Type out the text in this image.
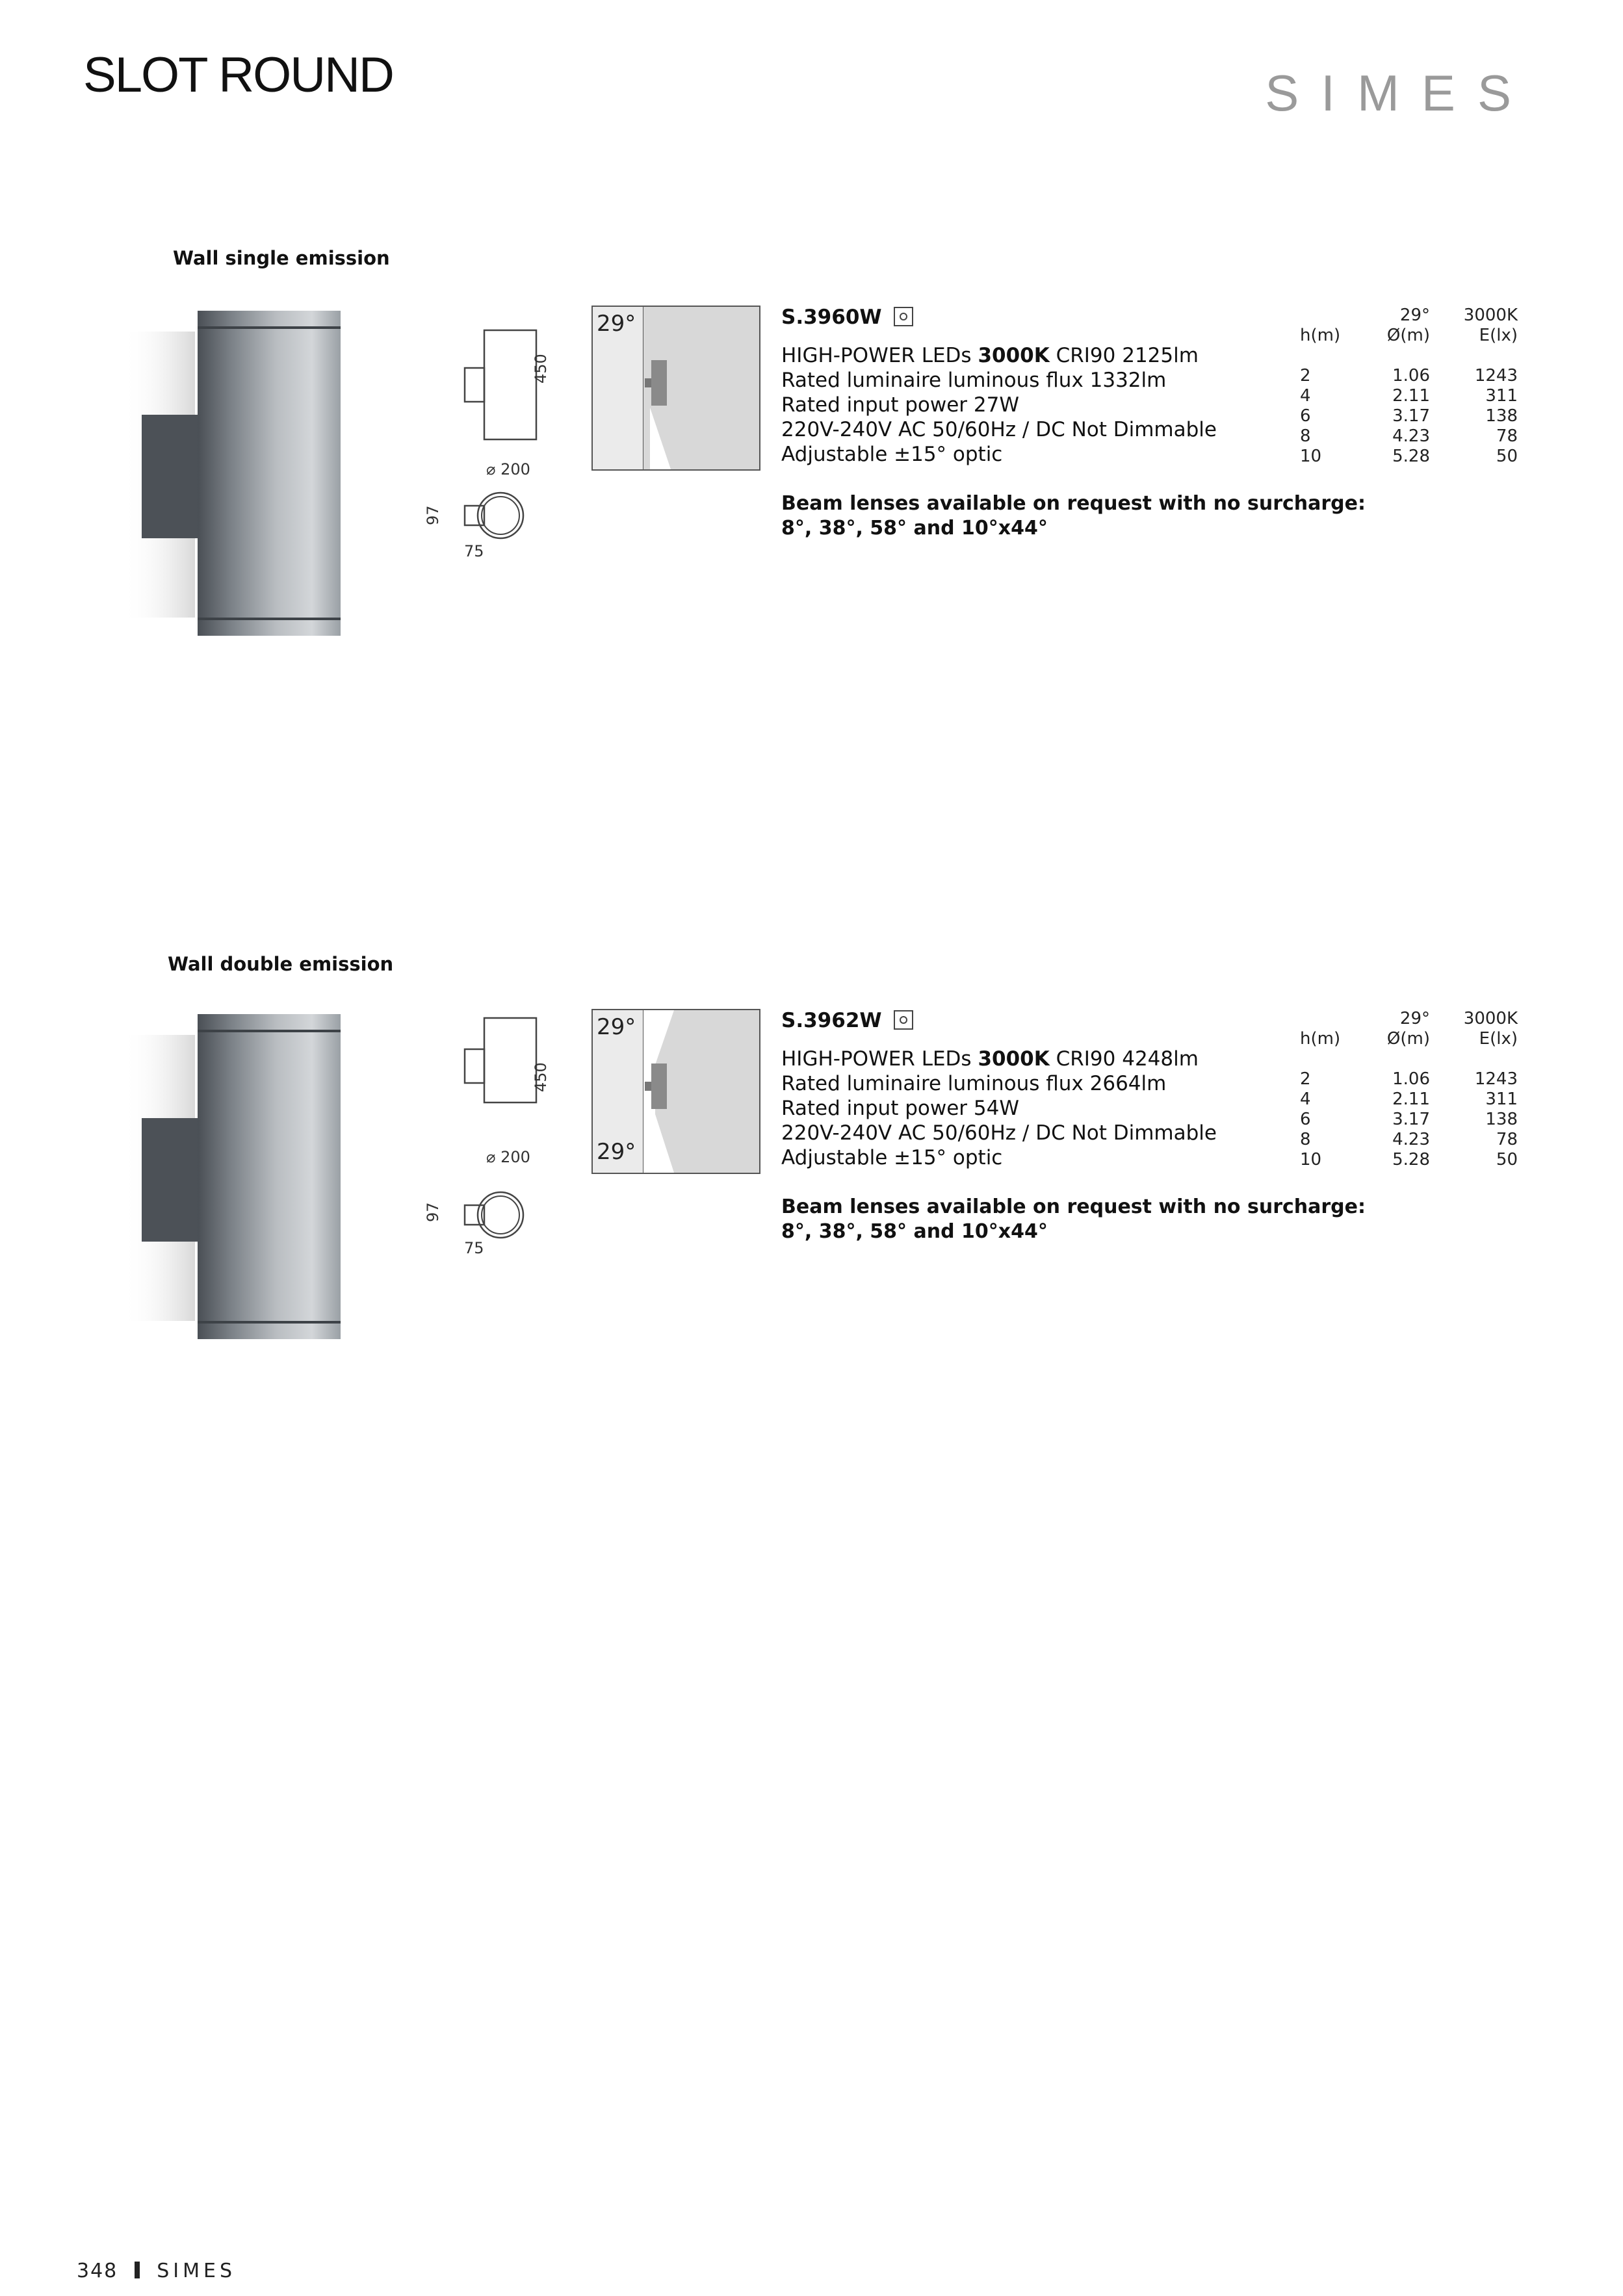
SLOT ROUND	SIMES
Wall single emission
450
⌀ 200
97
75
29°	S.3960W
HIGH-POWER LEDs 3000K CRI90 2125lm
Rated luminaire luminous flux 1332lm
Rated input power 27W
220V-240V AC 50/60Hz / DC Not Dimmable
Adjustable ±15° optic
Beam lenses available on request with no surcharge:
8°, 38°, 58° and 10°x44°
h(m)
2
4
6
8
10
29°
Ø(m)
1.06
2.11
3.17
4.23
5.28
3000K
E(lx)
1243
311
138
78
50
Wall double emission
450
⌀ 200
97
75
29°
29°
S.3962W
HIGH-POWER LEDs 3000K CRI90 4248lm
Rated luminaire luminous flux 2664lm
Rated input power 54W
220V-240V AC 50/60Hz / DC Not Dimmable
Adjustable ±15° optic
Beam lenses available on request with no surcharge:
8°, 38°, 58° and 10°x44°
h(m)
2
4
6
8
10
29°
Ø(m)
1.06
2.11
3.17
4.23
5.28
3000K
E(lx)
1243
311
138
78
50
348 SIMES
